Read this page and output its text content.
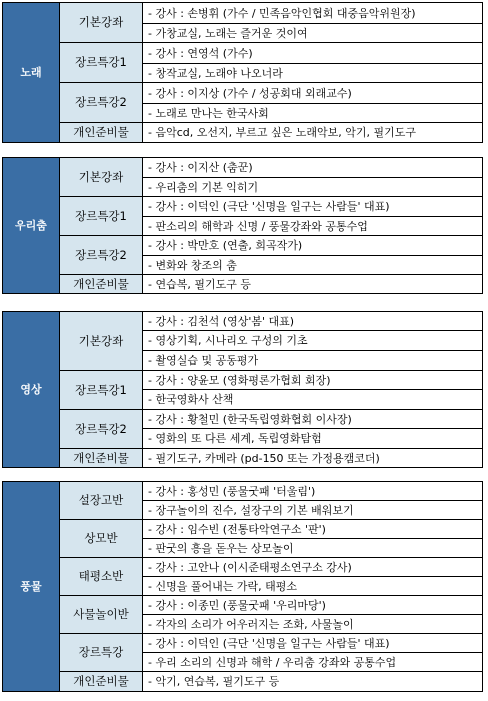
노래	기본강좌	- 강사 : 손병휘 (가수 / 민족음악인협회 대중음악위원장)
		- 가창교실, 노래는 즐거운 것이여
	장르특강1	- 강사 : 연영석 (가수)
		- 창작교실, 노래야 나오너라
	장르특강2	- 강사 : 이지상 (가수 / 성공회대 외래교수)
		- 노래로 만나는 한국사회
	개인준비물	- 음악cd, 오선지, 부르고 싶은 노래악보, 악기, 필기도구
우리춤	기본강좌	- 강사 : 이지산 (춤꾼)
		- 우리춤의 기본 익히기
	장르특강1	- 강사 : 이덕인 (극단 '신명을 일구는 사람들' 대표)
		- 판소리의 해학과 신명 / 풍물강좌와 공통수업
	장르특강2	- 강사 : 박만호 (연출, 희곡작가)
		- 변화와 창조의 춤
	개인준비물	- 연습복, 필기도구 등
영상	기본강좌	- 강사 : 김천석 (영상'봄' 대표)
		- 영상기획, 시나리오 구성의 기초
		- 촬영실습 및 공동평가
	장르특강1	- 강사 : 양윤모 (영화평론가협회 회장)
		- 한국영화사 산책
	장르특강2	- 강사 : 황철민 (한국독립영화협회 이사장)
		- 영화의 또 다른 세계, 독립영화탐험
	개인준비물	- 필기도구, 카메라 (pd-150 또는 가정용캠코더)
풍물	설장고반	- 강사 : 홍성민 (풍물굿패 '터울림')
		- 장구놀이의 진수, 설장구의 기본 배워보기
	상모반	- 강사 : 임수빈 (전통타악연구소 '판')
		- 판굿의 흥을 돋우는 상모놀이
	태평소반	- 강사 : 고안나 (이시준태평소연구소 강사)
		- 신명을 풀어내는 가락, 태평소
	사물놀이반	- 강사 : 이종민 (풍물굿패 '우리마당')
		- 각자의 소리가 어우러지는 조화, 사물놀이
	장르특강	- 강사 : 이덕인 (극단 '신명을 일구는 사람들' 대표)
		- 우리 소리의 신명과 해학 / 우리춤 강좌와 공통수업
	개인준비물	- 악기, 연습복, 필기도구 등
